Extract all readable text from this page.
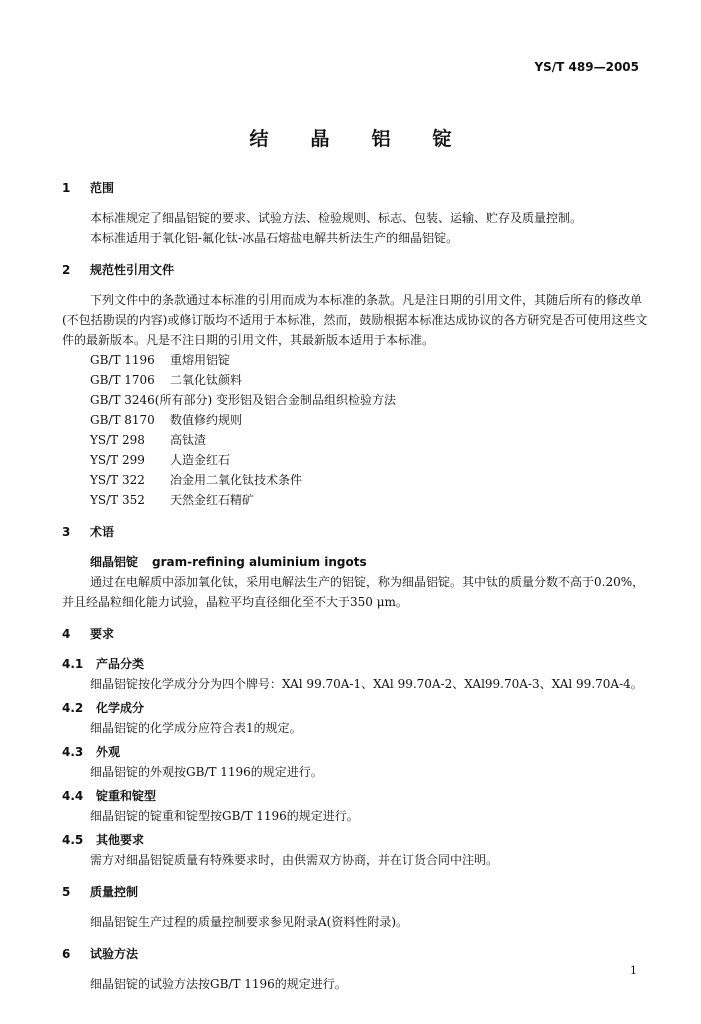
YS/T 489—2005
结晶铝锭
1 范围

本标准规定了细晶铝锭的要求、试验方法、检验规则、标志、包装、运输、贮存及质量控制。

本标准适用于氧化铝-氟化钛-冰晶石熔盐电解共析法生产的细晶铝锭。

2 规范性引用文件

下列文件中的条款通过本标准的引用而成为本标准的条款。凡是注日期的引用文件，其随后所有的修改单(不包括勘误的内容)或修订版均不适用于本标准，然而，鼓励根据本标准达成协议的各方研究是否可使用这些文件的最新版本。凡是不注日期的引用文件，其最新版本适用于本标准。

GB/T 1196 重熔用铝锭

GB/T 1706 二氧化钛颜料

GB/T 3246(所有部分) 变形铝及铝合金制品组织检验方法

GB/T 8170 数值修约规则

YS/T 298 高钛渣

YS/T 299 人造金红石

YS/T 322 冶金用二氧化钛技术条件

YS/T 352 天然金红石精矿

3 术语

细晶铝锭 gram-refining aluminium ingots

通过在电解质中添加氧化钛，采用电解法生产的铝锭，称为细晶铝锭。其中钛的质量分数不高于0.20%，并且经晶粒细化能力试验，晶粒平均直径细化至不大于350 μm。

4 要求
4.1 产品分类

细晶铝锭按化学成分分为四个牌号：XAl 99.70A-1、XAl 99.70A-2、XAl99.70A-3、XAl 99.70A-4。

4.2 化学成分

细晶铝锭的化学成分应符合表1的规定。

4.3 外观

细晶铝锭的外观按GB/T 1196的规定进行。

4.4 锭重和锭型

细晶铝锭的锭重和锭型按GB/T 1196的规定进行。

4.5 其他要求

需方对细晶铝锭质量有特殊要求时，由供需双方协商，并在订货合同中注明。

5 质量控制

细晶铝锭生产过程的质量控制要求参见附录A(资料性附录)。

6 试验方法

细晶铝锭的试验方法按GB/T 1196的规定进行。

1
